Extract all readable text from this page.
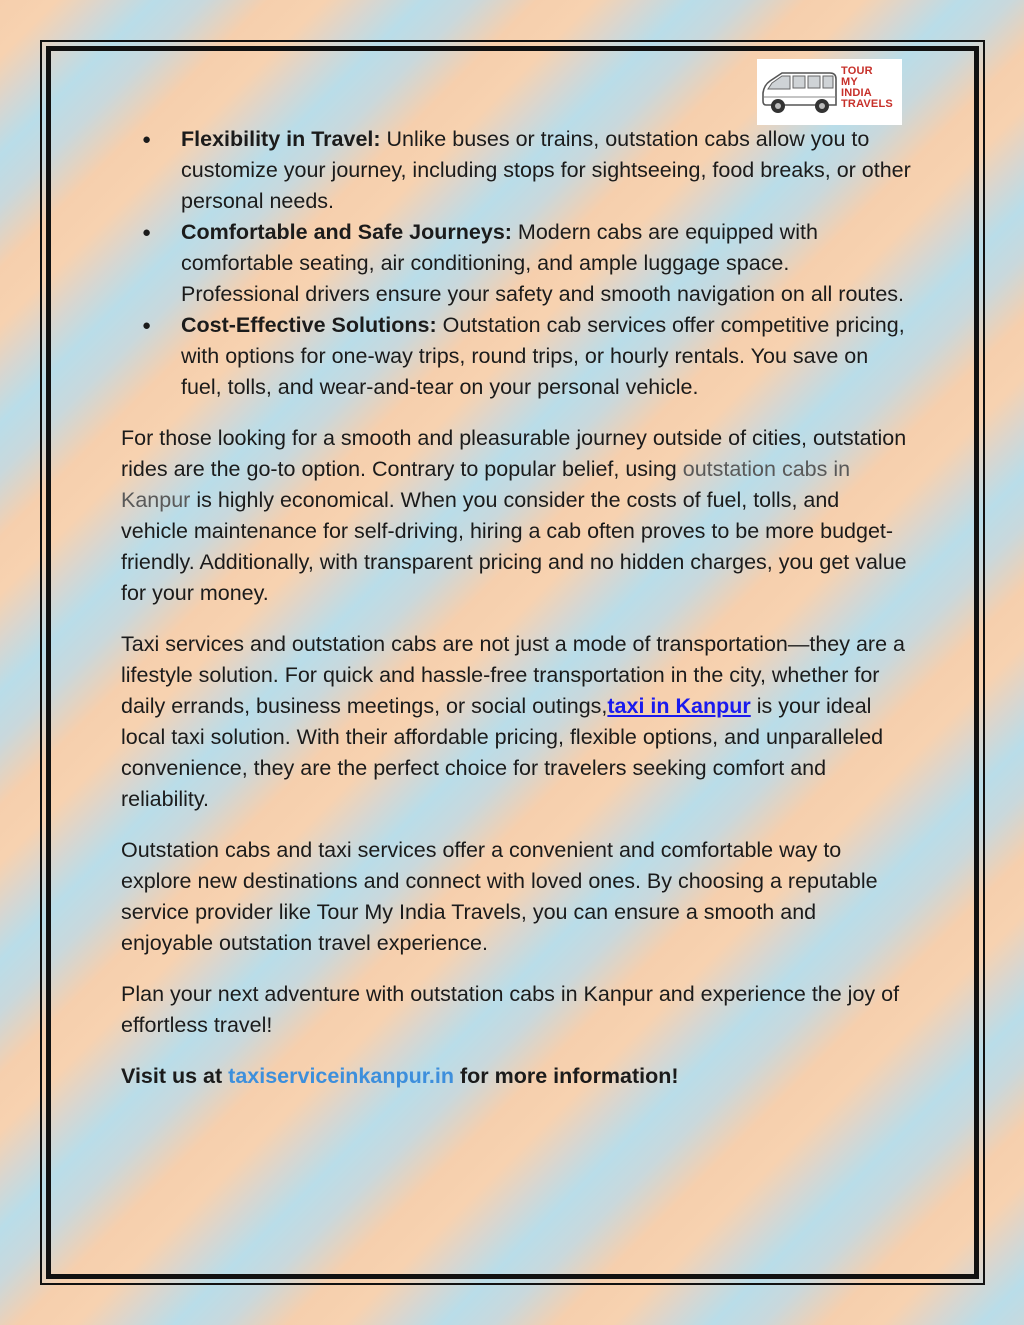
TOUR
MY
INDIA
TRAVELS
● Flexibility in Travel: Unlike buses or trains, outstation cabs allow you to customize your journey, including stops for sightseeing, food breaks, or other personal needs.
● Comfortable and Safe Journeys: Modern cabs are equipped with comfortable seating, air conditioning, and ample luggage space. Professional drivers ensure your safety and smooth navigation on all routes.
● Cost-Effective Solutions: Outstation cab services offer competitive pricing, with options for one-way trips, round trips, or hourly rentals. You save on fuel, tolls, and wear-and-tear on your personal vehicle.

For those looking for a smooth and pleasurable journey outside of cities, outstation rides are the go-to option. Contrary to popular belief, using outstation cabs in Kanpur is highly economical. When you consider the costs of fuel, tolls, and vehicle maintenance for self-driving, hiring a cab often proves to be more budget-friendly. Additionally, with transparent pricing and no hidden charges, you get value for your money.

Taxi services and outstation cabs are not just a mode of transportation—they are a lifestyle solution. For quick and hassle-free transportation in the city, whether for daily errands, business meetings, or social outings,taxi in Kanpur is your ideal local taxi solution. With their affordable pricing, flexible options, and unparalleled convenience, they are the perfect choice for travelers seeking comfort and reliability.

Outstation cabs and taxi services offer a convenient and comfortable way to explore new destinations and connect with loved ones. By choosing a reputable service provider like Tour My India Travels, you can ensure a smooth and enjoyable outstation travel experience.

Plan your next adventure with outstation cabs in Kanpur and experience the joy of effortless travel!

Visit us at taxiserviceinkanpur.in for more information!
